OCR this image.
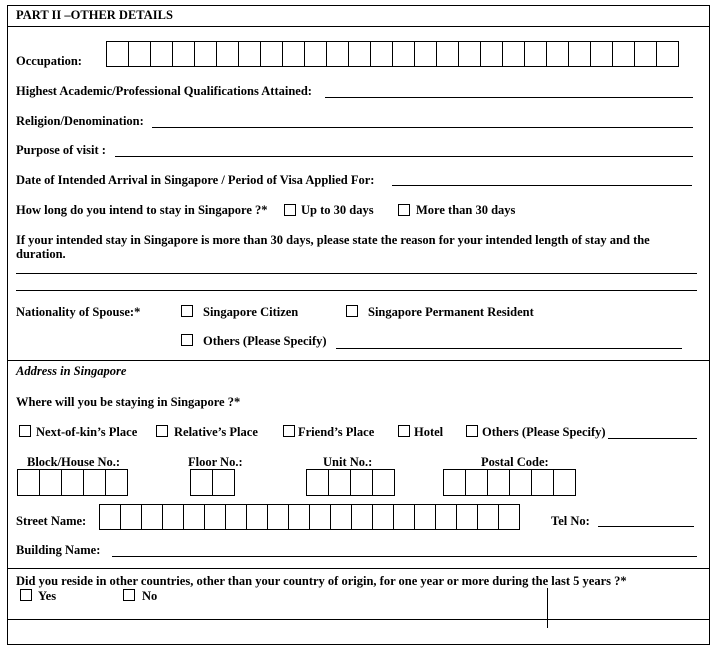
PART II –OTHER DETAILS
Occupation:
Highest Academic/Professional Qualifications Attained:
Religion/Denomination:
Purpose of visit :
Date of Intended Arrival in Singapore / Period of Visa Applied For:
How long do you intend to stay in Singapore ?*	Up to 30 days	More than 30 days
If your intended stay in Singapore is more than 30 days, please state the reason for your intended length of stay and the
duration.
Nationality of Spouse:*	Singapore Citizen	Singapore Permanent Resident
Others (Please Specify)
Address in Singapore
Where will you be staying in Singapore ?*
Next-of-kin’s Place	Relative’s Place	Friend’s Place	Hotel	Others (Please Specify)
Block/House No.:	Floor No.:	Unit No.:	Postal Code:
Street Name:	Tel No:
Building Name:
Did you reside in other countries, other than your country of origin, for one year or more during the last 5 years ?*
Yes	No
